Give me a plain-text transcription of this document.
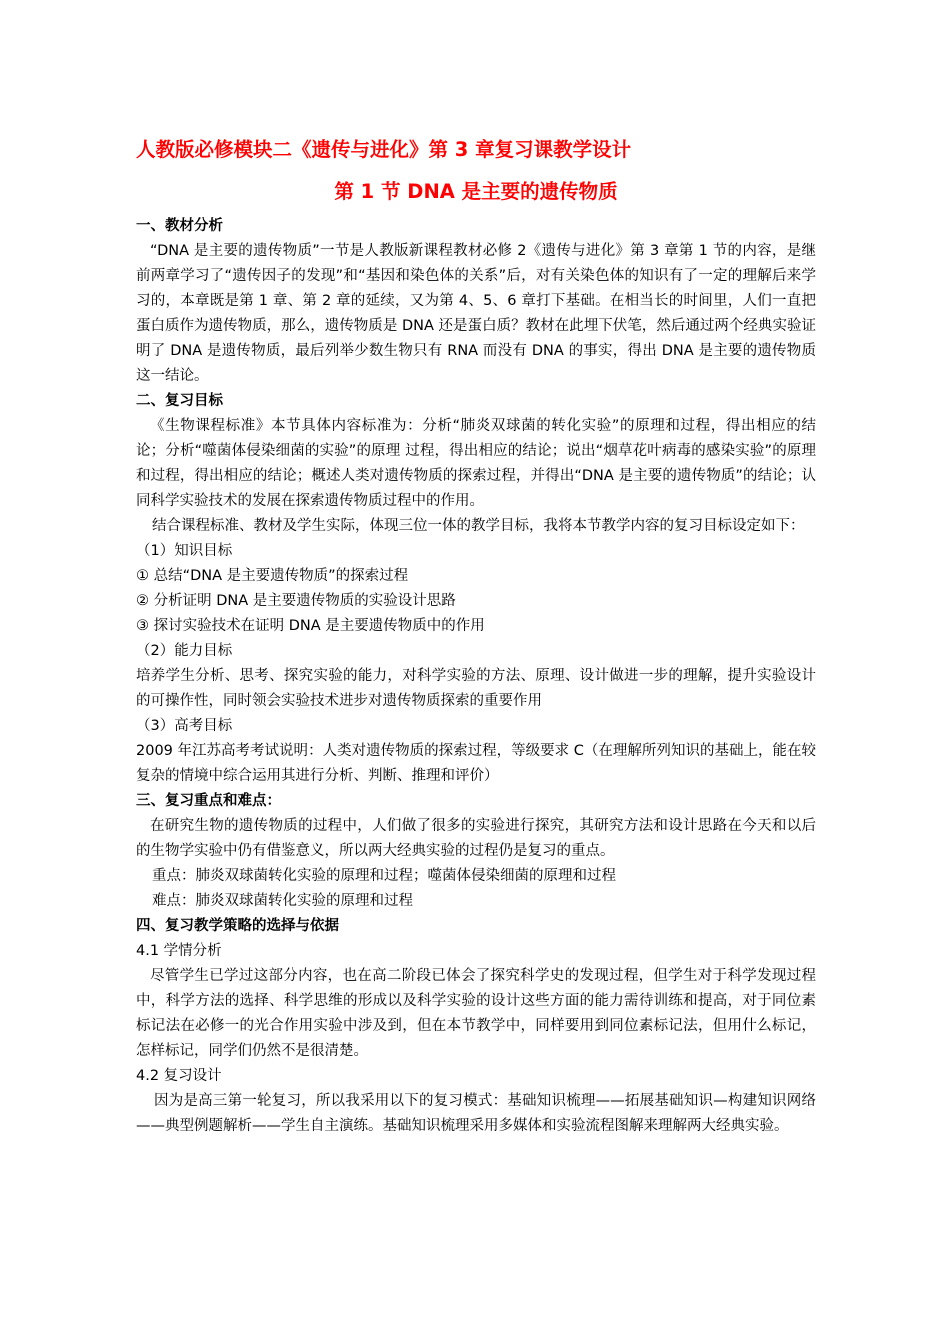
人教版必修模块二《遗传与进化》第 3 章复习课教学设计
第 1 节 DNA 是主要的遗传物质
一、教材分析
“DNA 是主要的遗传物质”一节是人教版新课程教材必修 2《遗传与进化》第 3 章第 1 节的内容，是继前两章学习了“遗传因子的发现”和“基因和染色体的关系”后，对有关染色体的知识有了一定的理解后来学习的，本章既是第 1 章、第 2 章的延续，又为第 4、5、6 章打下基础。在相当长的时间里，人们一直把蛋白质作为遗传物质，那么，遗传物质是 DNA 还是蛋白质？教材在此埋下伏笔，然后通过两个经典实验证明了 DNA 是遗传物质，最后列举少数生物只有 RNA 而没有 DNA 的事实，得出 DNA 是主要的遗传物质这一结论。
二、复习目标
《生物课程标准》本节具体内容标准为：分析“肺炎双球菌的转化实验”的原理和过程，得出相应的结论；分析“噬菌体侵染细菌的实验”的原理 过程，得出相应的结论；说出“烟草花叶病毒的感染实验”的原理和过程，得出相应的结论；概述人类对遗传物质的探索过程，并得出“DNA 是主要的遗传物质”的结论；认同科学实验技术的发展在探索遗传物质过程中的作用。
结合课程标准、教材及学生实际，体现三位一体的教学目标，我将本节教学内容的复习目标设定如下：
（1）知识目标
① 总结“DNA 是主要遗传物质”的探索过程
② 分析证明 DNA 是主要遗传物质的实验设计思路
③ 探讨实验技术在证明 DNA 是主要遗传物质中的作用
（2）能力目标
培养学生分析、思考、探究实验的能力，对科学实验的方法、原理、设计做进一步的理解，提升实验设计的可操作性，同时领会实验技术进步对遗传物质探索的重要作用
（3）高考目标
2009 年江苏高考考试说明：人类对遗传物质的探索过程，等级要求 C（在理解所列知识的基础上，能在较复杂的情境中综合运用其进行分析、判断、推理和评价）
三、复习重点和难点：
在研究生物的遗传物质的过程中，人们做了很多的实验进行探究，其研究方法和设计思路在今天和以后的生物学实验中仍有借鉴意义，所以两大经典实验的过程仍是复习的重点。
重点：肺炎双球菌转化实验的原理和过程；噬菌体侵染细菌的原理和过程
难点：肺炎双球菌转化实验的原理和过程
四、复习教学策略的选择与依据
4.1 学情分析
尽管学生已学过这部分内容，也在高二阶段已体会了探究科学史的发现过程，但学生对于科学发现过程中，科学方法的选择、科学思维的形成以及科学实验的设计这些方面的能力需待训练和提高，对于同位素标记法在必修一的光合作用实验中涉及到，但在本节教学中，同样要用到同位素标记法，但用什么标记，怎样标记，同学们仍然不是很清楚。
4.2 复习设计
因为是高三第一轮复习，所以我采用以下的复习模式：基础知识梳理——拓展基础知识—构建知识网络——典型例题解析——学生自主演练。基础知识梳理采用多媒体和实验流程图解来理解两大经典实验。
